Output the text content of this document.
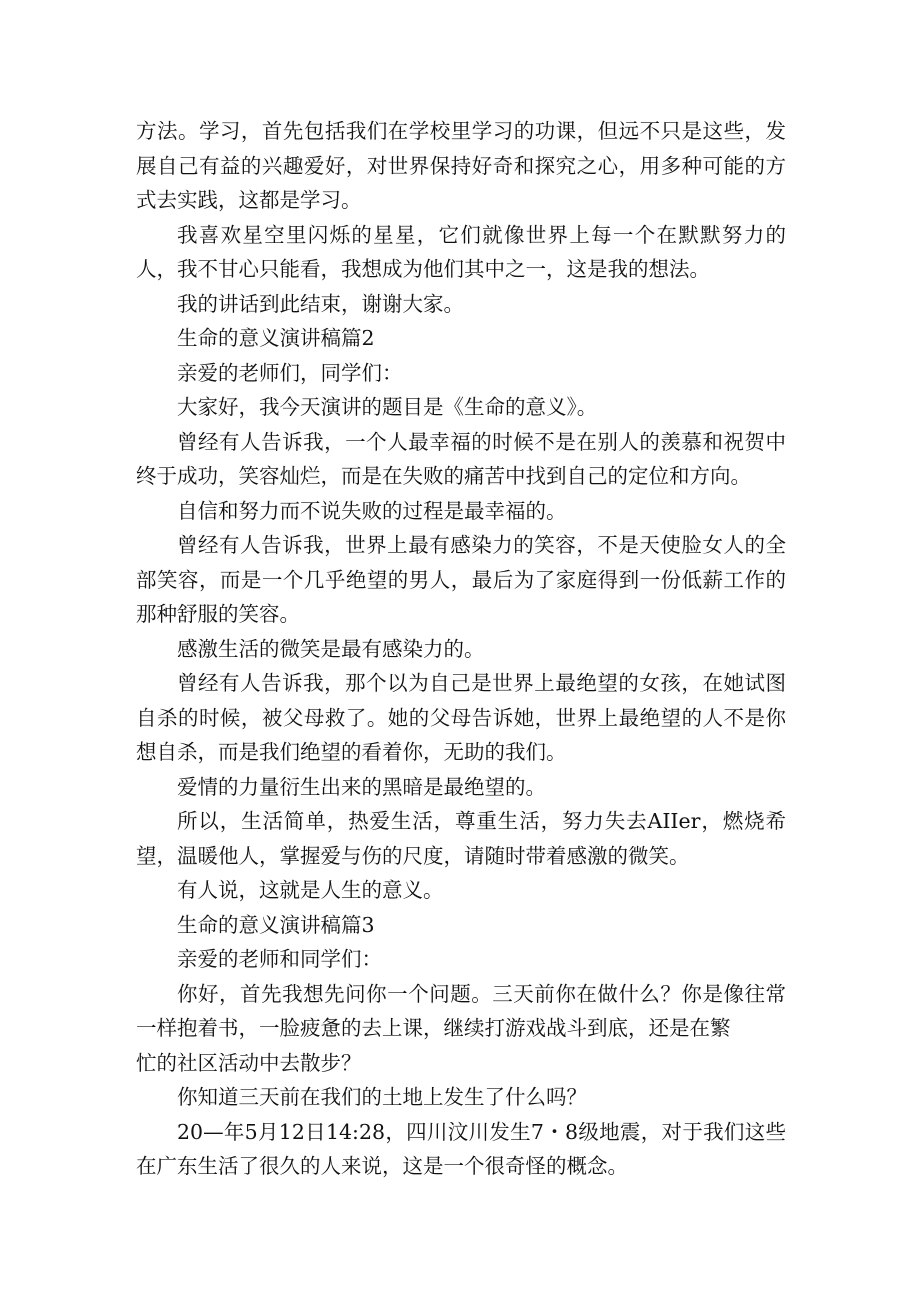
方法。学习，首先包括我们在学校里学习的功课，但远不只是这些，发展自己有益的兴趣爱好，对世界保持好奇和探究之心，用多种可能的方式去实践，这都是学习。

我喜欢星空里闪烁的星星，它们就像世界上每一个在默默努力的人，我不甘心只能看，我想成为他们其中之一，这是我的想法。

我的讲话到此结束，谢谢大家。

生命的意义演讲稿篇2

亲爱的老师们，同学们：

大家好，我今天演讲的题目是《生命的意义》。

曾经有人告诉我，一个人最幸福的时候不是在别人的羡慕和祝贺中终于成功，笑容灿烂，而是在失败的痛苦中找到自己的定位和方向。

自信和努力而不说失败的过程是最幸福的。

曾经有人告诉我，世界上最有感染力的笑容，不是天使脸女人的全部笑容，而是一个几乎绝望的男人，最后为了家庭得到一份低薪工作的那种舒服的笑容。

感激生活的微笑是最有感染力的。

曾经有人告诉我，那个以为自己是世界上最绝望的女孩，在她试图自杀的时候，被父母救了。她的父母告诉她，世界上最绝望的人不是你想自杀，而是我们绝望的看着你，无助的我们。

爱情的力量衍生出来的黑暗是最绝望的。

所以，生活简单，热爱生活，尊重生活，努力失去AIIer，燃烧希望，温暖他人，掌握爱与伤的尺度，请随时带着感激的微笑。

有人说，这就是人生的意义。

生命的意义演讲稿篇3

亲爱的老师和同学们：

你好，首先我想先问你一个问题。三天前你在做什么？你是像往常一样抱着书，一脸疲惫的去上课，继续打游戏战斗到底，还是在繁

忙的社区活动中去散步？

你知道三天前在我们的土地上发生了什么吗？

20—年5月12日14:28，四川汶川发生7・8级地震，对于我们这些在广东生活了很久的人来说，这是一个很奇怪的概念。
